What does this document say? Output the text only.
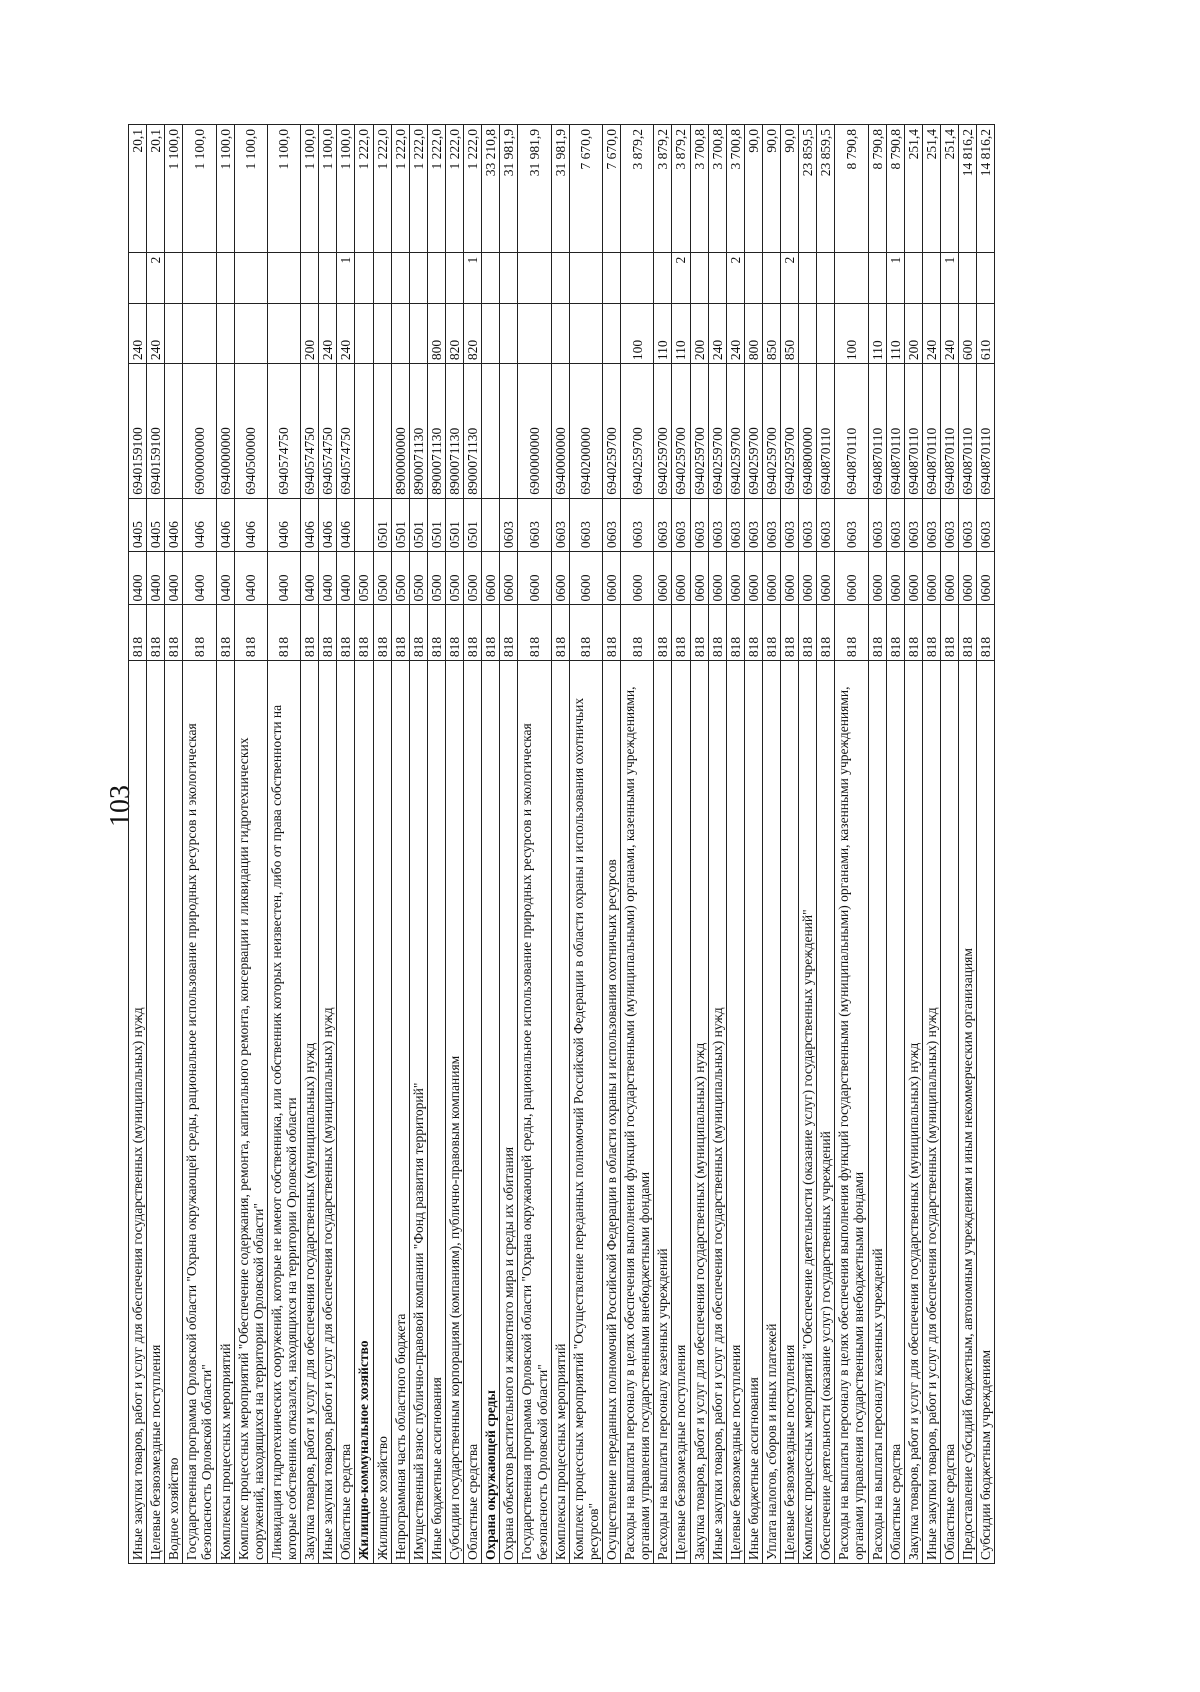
103
Иные закупки товаров, работ и услуг для обеспечения государственных (муниципальных) нужд	818	0400	0405	6940159100	240		20,1
Целевые безвозмездные поступления	818	0400	0405	6940159100	240	2	20,1
Водное хозяйство	818	0400	0406				1 100,0
Государственная программа Орловской области "Охрана окружающей среды, рациональное использование природных ресурсов и экологическая безопасность Орловской области"	818	0400	0406	6900000000			1 100,0
Комплексы процессных мероприятий	818	0400	0406	6940000000			1 100,0
Комплекс процессных мероприятий "Обеспечение содержания, ремонта, капитального ремонта, консервации и ликвидации гидротехнических сооружений, находящихся на территории Орловской области"	818	0400	0406	6940500000			1 100,0
Ликвидация гидротехнических сооружений, которые не имеют собственника, или собственник которых неизвестен, либо от права собственности на которые собственник отказался, находящихся на территории Орловской области	818	0400	0406	6940574750			1 100,0
Закупка товаров, работ и услуг для обеспечения государственных (муниципальных) нужд	818	0400	0406	6940574750	200		1 100,0
Иные закупки товаров, работ и услуг для обеспечения государственных (муниципальных) нужд	818	0400	0406	6940574750	240		1 100,0
Областные средства	818	0400	0406	6940574750	240	1	1 100,0
Жилищно-коммунальное хозяйство	818	0500					1 222,0
Жилищное хозяйство	818	0500	0501				1 222,0
Непрограммная часть областного бюджета	818	0500	0501	8900000000			1 222,0
Имущественный взнос публично-правовой компании "Фонд развития территорий"	818	0500	0501	8900071130			1 222,0
Иные бюджетные ассигнования	818	0500	0501	8900071130	800		1 222,0
Субсидии государственным корпорациям (компаниям), публично-правовым компаниям	818	0500	0501	8900071130	820		1 222,0
Областные средства	818	0500	0501	8900071130	820	1	1 222,0
Охрана окружающей среды	818	0600					33 210,8
Охрана объектов растительного и животного мира и среды их обитания	818	0600	0603				31 981,9
Государственная программа Орловской области "Охрана окружающей среды, рациональное использование природных ресурсов и экологическая безопасность Орловской области"	818	0600	0603	6900000000			31 981,9
Комплексы процессных мероприятий	818	0600	0603	6940000000			31 981,9
Комплекс процессных мероприятий "Осуществление переданных полномочий Российской Федерации в области охраны и использования охотничьих ресурсов"	818	0600	0603	6940200000			7 670,0
Осуществление переданных полномочий Российской Федерации в области охраны и использования охотничьих ресурсов	818	0600	0603	6940259700			7 670,0
Расходы на выплаты персоналу в целях обеспечения выполнения функций государственными (муниципальными) органами, казенными учреждениями, органами управления государственными внебюджетными фондами	818	0600	0603	6940259700	100		3 879,2
Расходы на выплаты персоналу казенных учреждений	818	0600	0603	6940259700	110		3 879,2
Целевые безвозмездные поступления	818	0600	0603	6940259700	110	2	3 879,2
Закупка товаров, работ и услуг для обеспечения государственных (муниципальных) нужд	818	0600	0603	6940259700	200		3 700,8
Иные закупки товаров, работ и услуг для обеспечения государственных (муниципальных) нужд	818	0600	0603	6940259700	240		3 700,8
Целевые безвозмездные поступления	818	0600	0603	6940259700	240	2	3 700,8
Иные бюджетные ассигнования	818	0600	0603	6940259700	800		90,0
Уплата налогов, сборов и иных платежей	818	0600	0603	6940259700	850		90,0
Целевые безвозмездные поступления	818	0600	0603	6940259700	850	2	90,0
Комплекс процессных мероприятий "Обеспечение деятельности (оказание услуг) государственных учреждений"	818	0600	0603	6940800000			23 859,5
Обеспечение деятельности (оказание услуг) государственных учреждений	818	0600	0603	6940870110			23 859,5
Расходы на выплаты персоналу в целях обеспечения выполнения функций государственными (муниципальными) органами, казенными учреждениями, органами управления государственными внебюджетными фондами	818	0600	0603	6940870110	100		8 790,8
Расходы на выплаты персоналу казенных учреждений	818	0600	0603	6940870110	110		8 790,8
Областные средства	818	0600	0603	6940870110	110	1	8 790,8
Закупка товаров, работ и услуг для обеспечения государственных (муниципальных) нужд	818	0600	0603	6940870110	200		251,4
Иные закупки товаров, работ и услуг для обеспечения государственных (муниципальных) нужд	818	0600	0603	6940870110	240		251,4
Областные средства	818	0600	0603	6940870110	240	1	251,4
Предоставление субсидий бюджетным, автономным учреждениям и иным некоммерческим организациям	818	0600	0603	6940870110	600		14 816,2
Субсидии бюджетным учреждениям	818	0600	0603	6940870110	610		14 816,2
